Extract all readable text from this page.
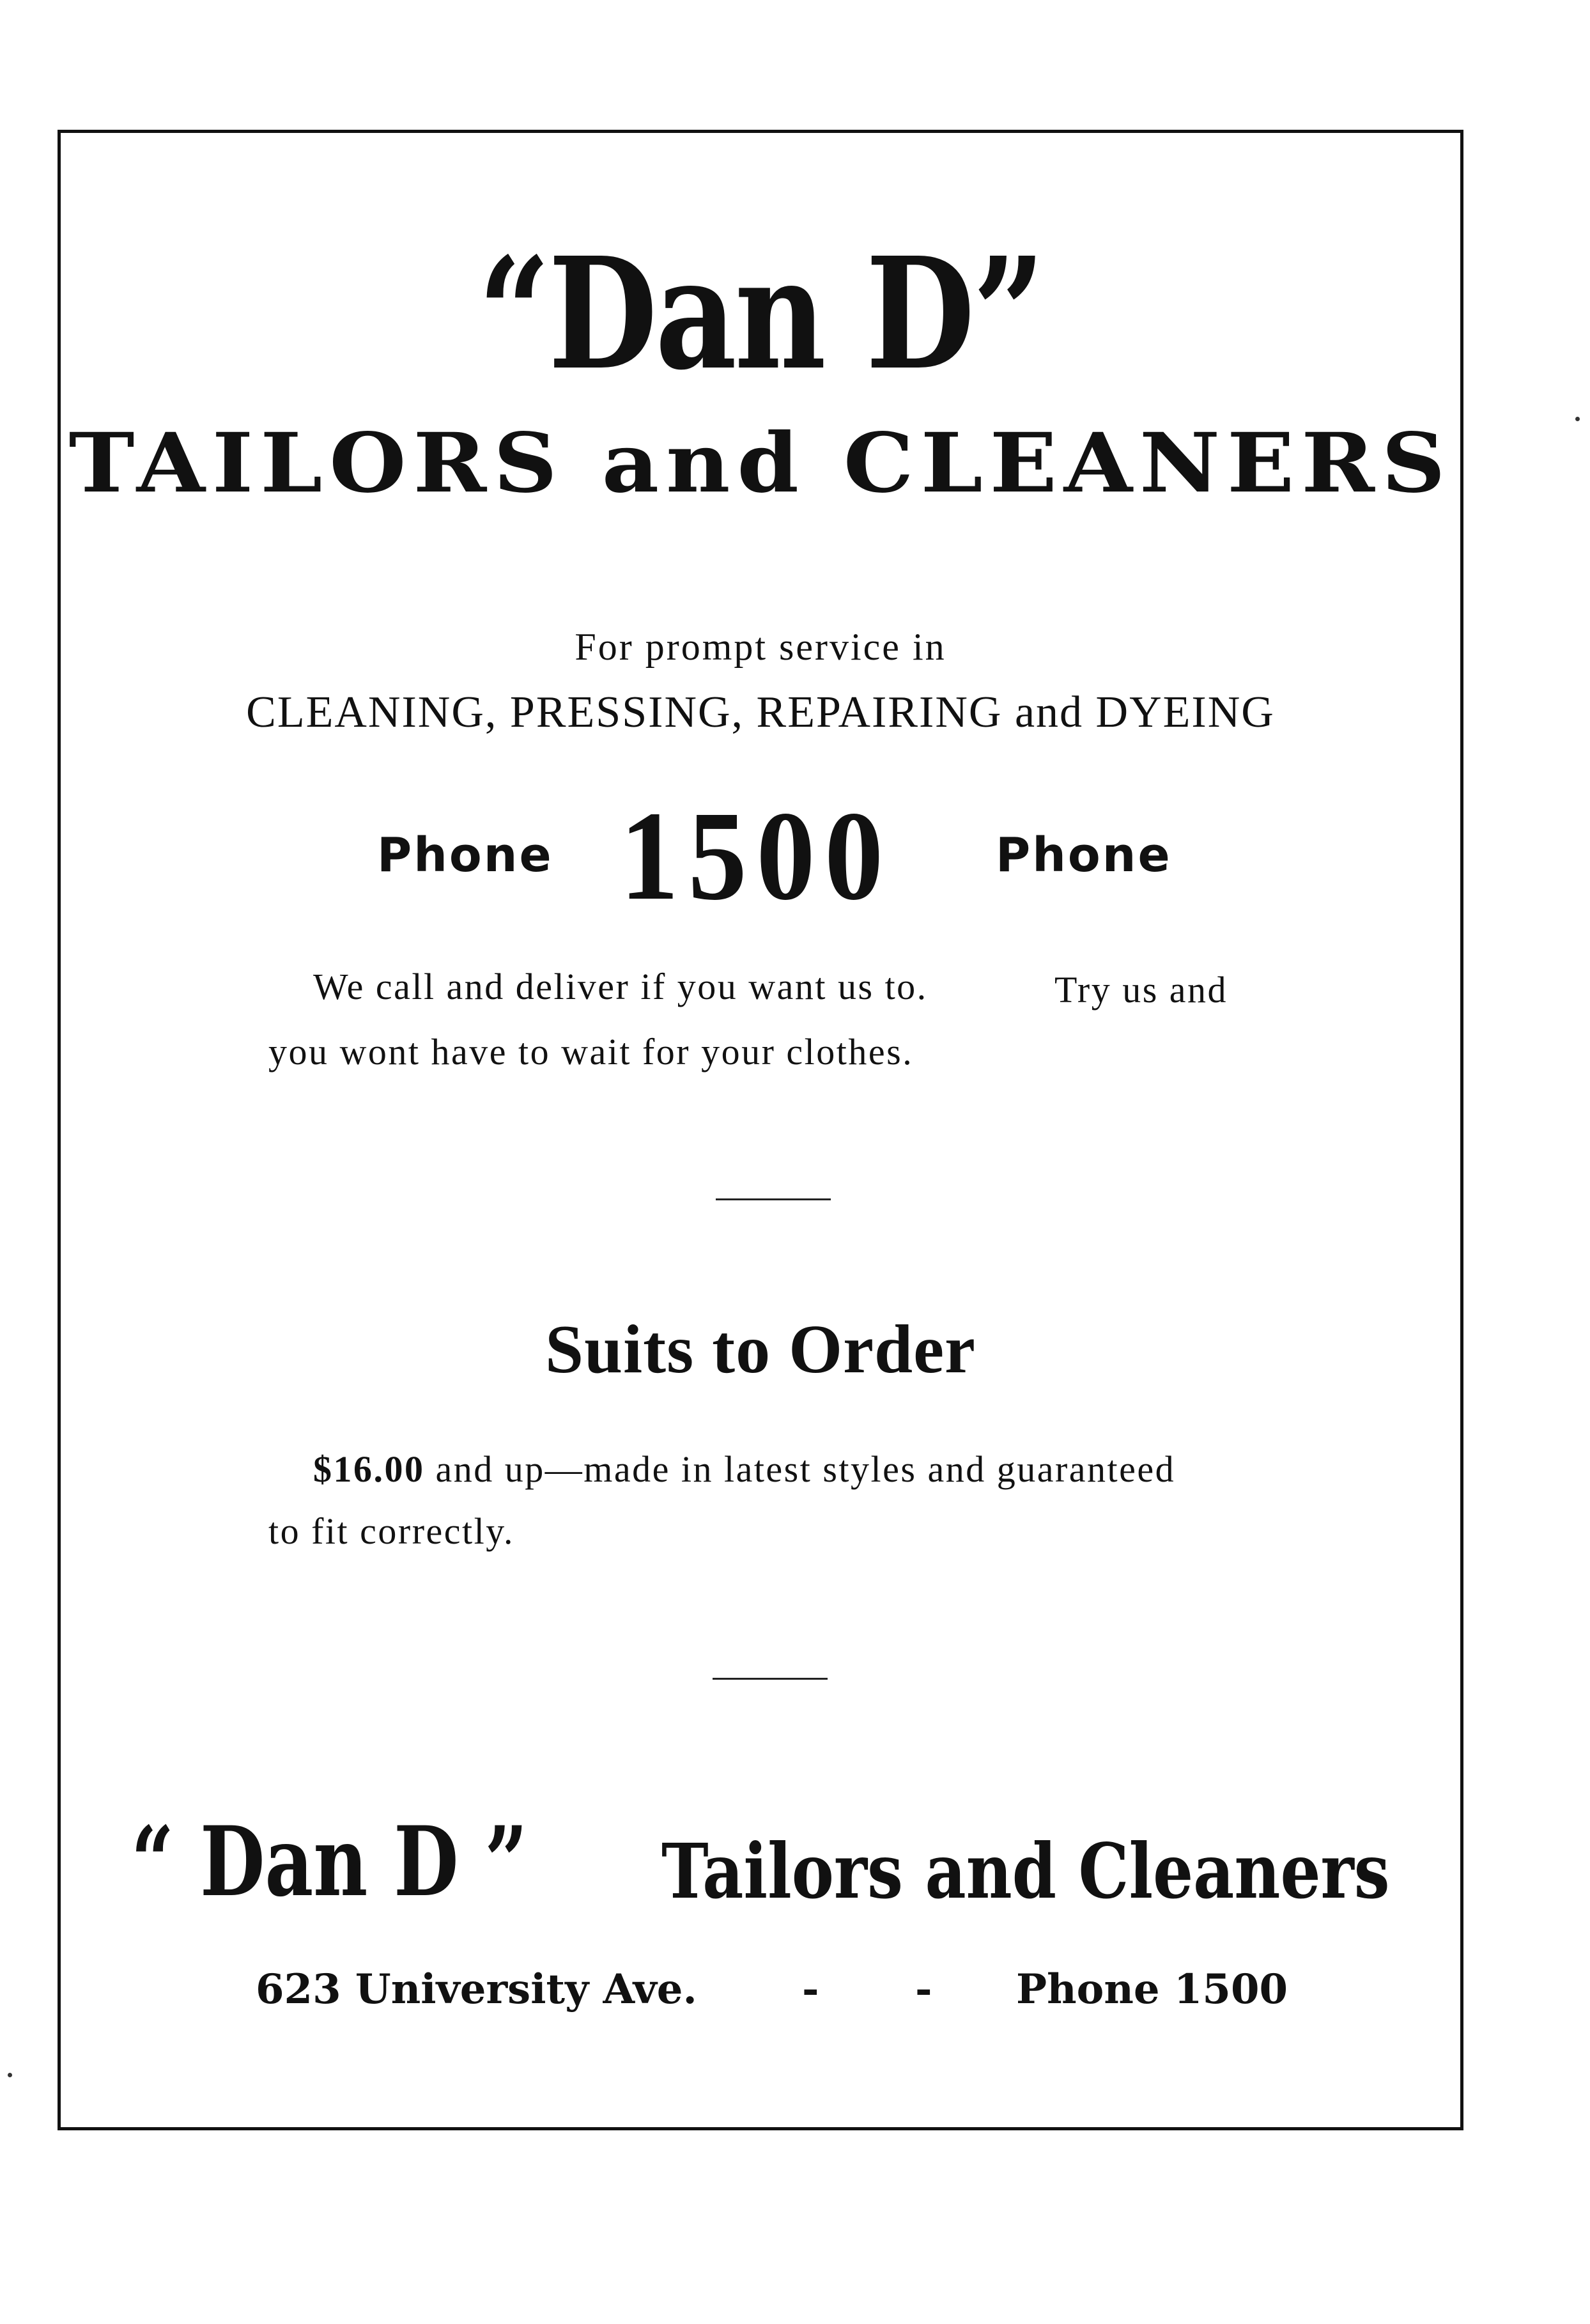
“Dan D”
TAILORS and CLEANERS
For prompt service in
CLEANING, PRESSING, REPAIRING and DYEING
Phone 1500 Phone
We call and deliver if you want us to.	Try us and
you wont have to wait for your clothes.
Suits to Order
$16.00 and up—made in latest styles and guaranteed
to fit correctly.
“ Dan D ” Tailors and Cleaners
623 University Ave.	- - Phone 1500
